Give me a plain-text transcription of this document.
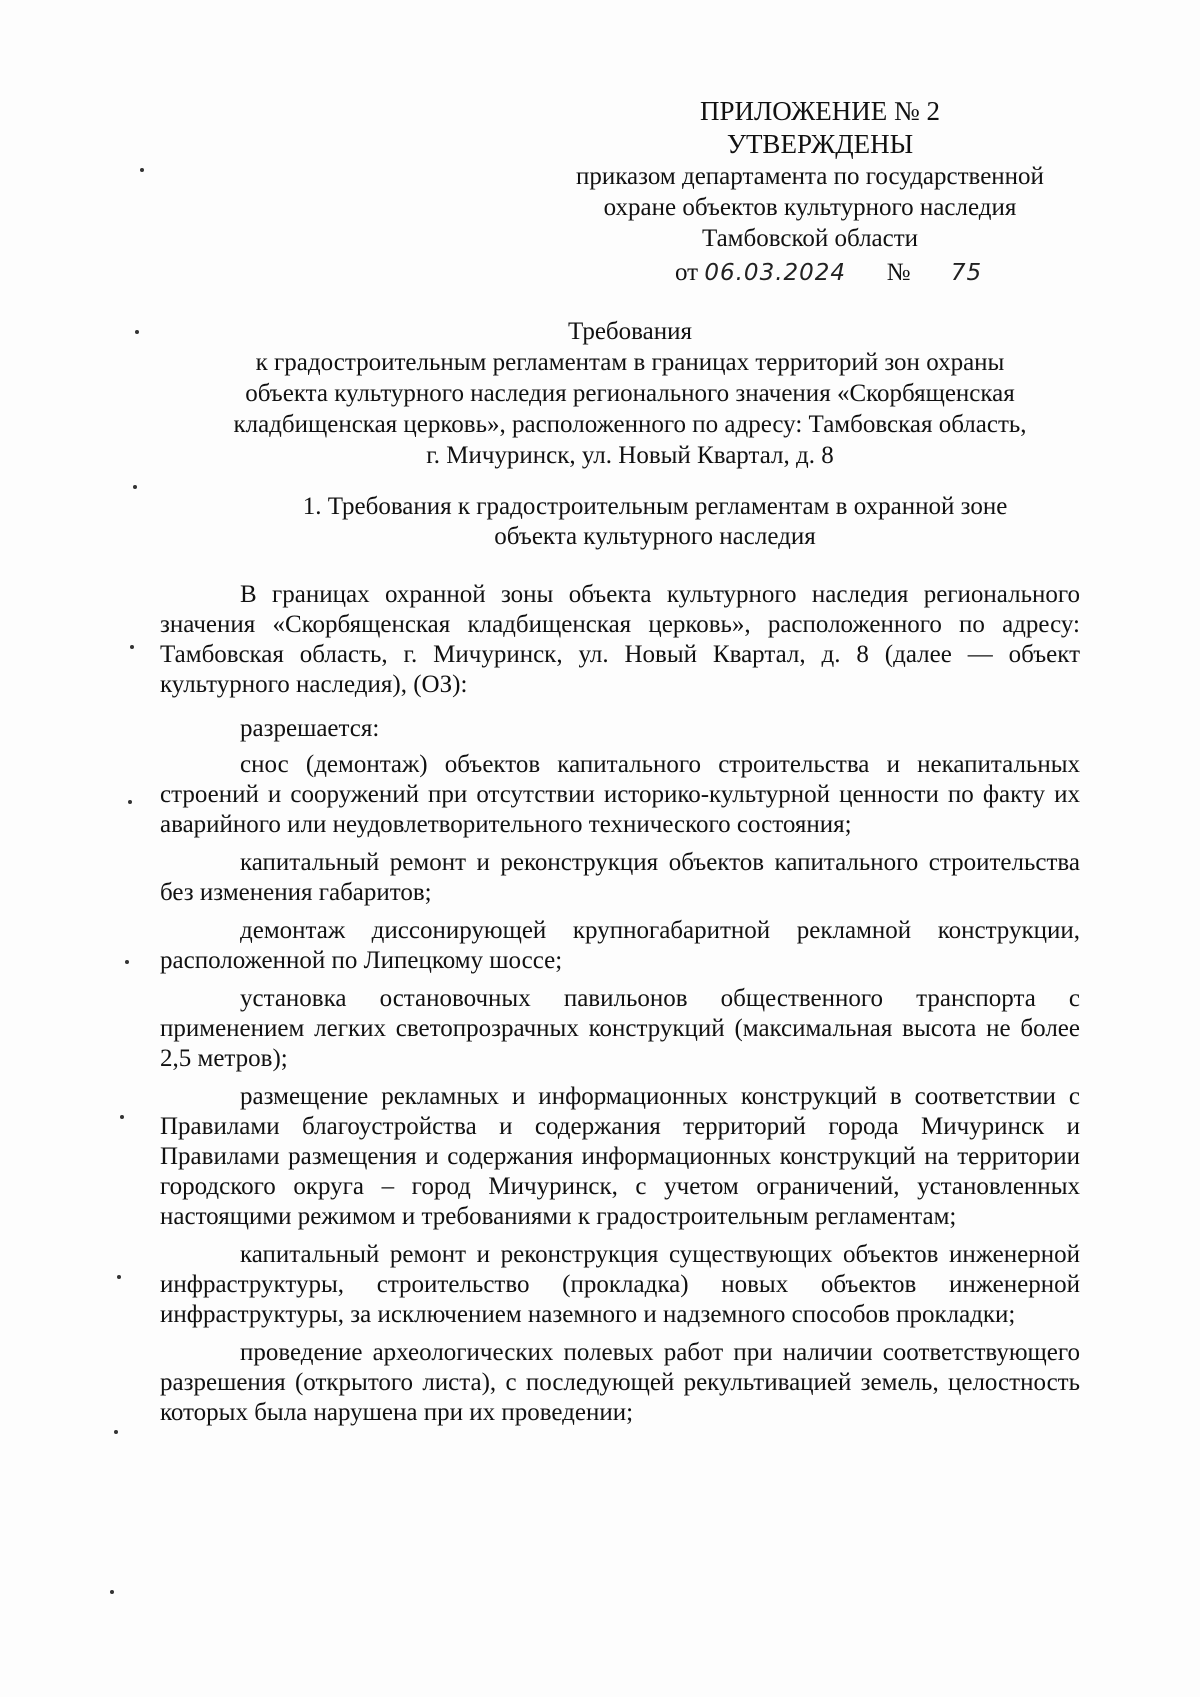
ПРИЛОЖЕНИЕ № 2
УТВЕРЖДЕНЫ
приказом департамента по государственной
охране объектов культурного наследия
Тамбовской области
от 06.03.2024 № 75
Требования
к градостроительным регламентам в границах территорий зон охраны
объекта культурного наследия регионального значения «Скорбященская
кладбищенская церковь», расположенного по адресу: Тамбовская область,
г. Мичуринск, ул. Новый Квартал, д. 8
1. Требования к градостроительным регламентам в охранной зоне
объекта культурного наследия

В границах охранной зоны объекта культурного наследия регионального значения «Скорбященская кладбищенская церковь», расположенного по адресу: Тамбовская область, г. Мичуринск, ул. Новый Квартал, д. 8 (далее — объект культурного наследия), (ОЗ):

разрешается:

снос (демонтаж) объектов капитального строительства и некапитальных строений и сооружений при отсутствии историко-культурной ценности по факту их аварийного или неудовлетворительного технического состояния;

капитальный ремонт и реконструкция объектов капитального строительства без изменения габаритов;

демонтаж диссонирующей крупногабаритной рекламной конструкции, расположенной по Липецкому шоссе;

установка остановочных павильонов общественного транспорта с применением легких светопрозрачных конструкций (максимальная высота не более 2,5 метров);

размещение рекламных и информационных конструкций в соответствии с Правилами благоустройства и содержания территорий города Мичуринск и Правилами размещения и содержания информационных конструкций на территории городского округа – город Мичуринск, с учетом ограничений, установленных настоящими режимом и требованиями к градостроительным регламентам;

капитальный ремонт и реконструкция существующих объектов инженерной инфраструктуры, строительство (прокладка) новых объектов инженерной инфраструктуры, за исключением наземного и надземного способов прокладки;

проведение археологических полевых работ при наличии соответствующего разрешения (открытого листа), с последующей рекультивацией земель, целостность которых была нарушена при их проведении;
